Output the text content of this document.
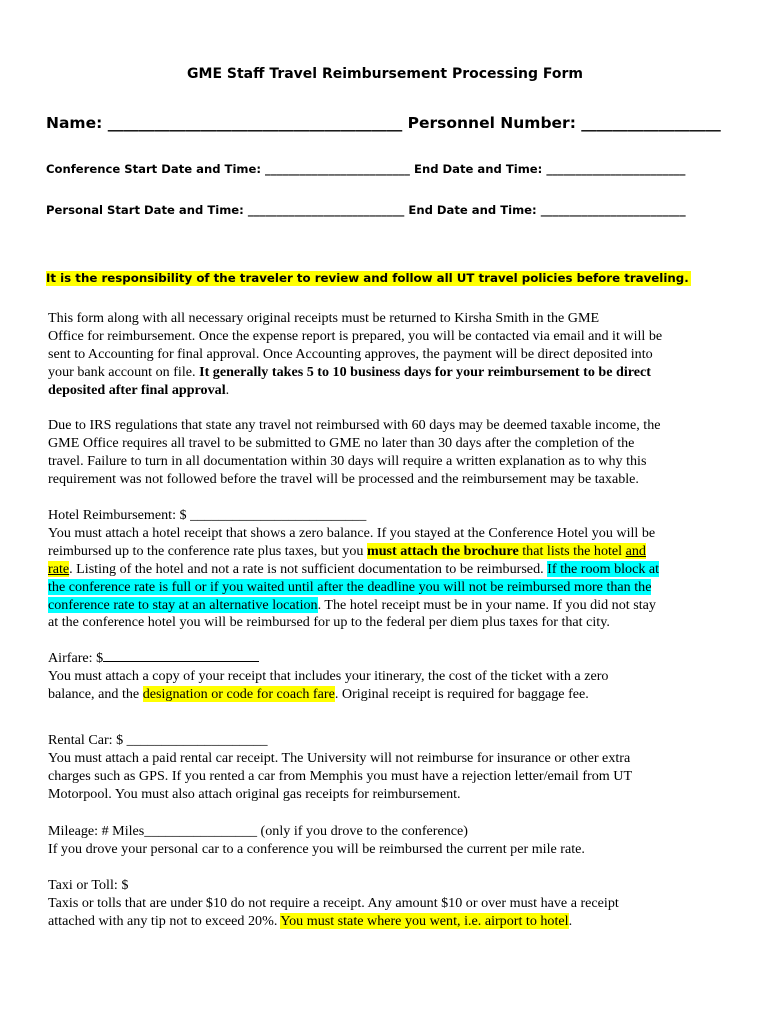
GME Staff Travel Reimbursement Processing Form
Name: ______________________________________ Personnel Number: __________________
Conference Start Date and Time: _________________________ End Date and Time: ________________________
Personal Start Date and Time: ___________________________ End Date and Time: _________________________
It is the responsibility of the traveler to review and follow all UT travel policies before traveling.
This form along with all necessary original receipts must be returned to Kirsha Smith in the GME
Office for reimbursement. Once the expense report is prepared, you will be contacted via email and it will be
sent to Accounting for final approval. Once Accounting approves, the payment will be direct deposited into
your bank account on file. It generally takes 5 to 10 business days for your reimbursement to be direct
deposited after final approval.
Due to IRS regulations that state any travel not reimbursed with 60 days may be deemed taxable income, the
GME Office requires all travel to be submitted to GME no later than 30 days after the completion of the
travel. Failure to turn in all documentation within 30 days will require a written explanation as to why this
requirement was not followed before the travel will be processed and the reimbursement may be taxable.
Hotel Reimbursement: $ _________________________
You must attach a hotel receipt that shows a zero balance. If you stayed at the Conference Hotel you will be
reimbursed up to the conference rate plus taxes, but you must attach the brochure that lists the hotel and
rate. Listing of the hotel and not a rate is not sufficient documentation to be reimbursed. If the room block at
the conference rate is full or if you waited until after the deadline you will not be reimbursed more than the
conference rate to stay at an alternative location. The hotel receipt must be in your name. If you did not stay
at the conference hotel you will be reimbursed for up to the federal per diem plus taxes for that city.
Airfare: $
You must attach a copy of your receipt that includes your itinerary, the cost of the ticket with a zero
balance, and the designation or code for coach fare. Original receipt is required for baggage fee.
Rental Car: $ ____________________
You must attach a paid rental car receipt. The University will not reimburse for insurance or other extra
charges such as GPS. If you rented a car from Memphis you must have a rejection letter/email from UT
Motorpool. You must also attach original gas receipts for reimbursement.
Mileage: # Miles________________ (only if you drove to the conference)
If you drove your personal car to a conference you will be reimbursed the current per mile rate.
Taxi or Toll: $
Taxis or tolls that are under $10 do not require a receipt. Any amount $10 or over must have a receipt
attached with any tip not to exceed 20%. You must state where you went, i.e. airport to hotel.
